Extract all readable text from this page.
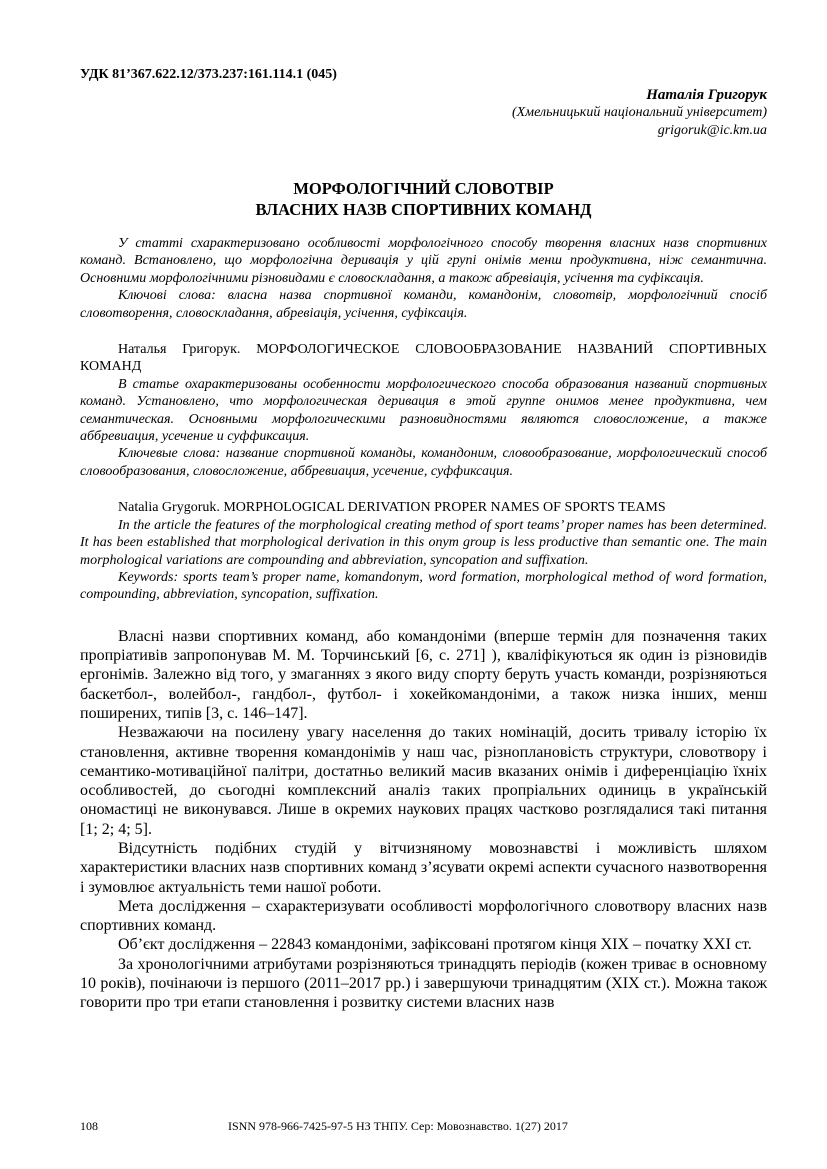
УДК 81’367.622.12/373.237:161.114.1 (045)

Наталія Григорук
(Хмельницький національний університет)
grigoruk@ic.km.ua
МОРФОЛОГІЧНИЙ СЛОВОТВІР
ВЛАСНИХ НАЗВ СПОРТИВНИХ КОМАНД

У статті схарактеризовано особливості морфологічного способу творення власних назв спортивних команд. Встановлено, що морфологічна деривація у цій групі онімів менш продуктивна, ніж семантична. Основними морфологічними різновидами є словоскладання, а також абревіація, усічення та суфіксація.

Ключові слова: власна назва спортивної команди, командонім, словотвір, морфологічний спосіб словотворення, словоскладання, абревіація, усічення, суфіксація.

Наталья Григорук. МОРФОЛОГИЧЕСКОЕ СЛОВООБРАЗОВАНИЕ НАЗВАНИЙ СПОРТИВНЫХ КОМАНД

В статье охарактеризованы особенности морфологического способа образования названий спортивных команд. Установлено, что морфологическая деривация в этой группе онимов менее продуктивна, чем семантическая. Основными морфологическими разновидностями являются словосложение, а также аббревиация, усечение и суффиксация.

Ключевые слова: название спортивной команды, командоним, словообразование, морфологический способ словообразования, словосложение, аббревиация, усечение, суффиксация.

Natalia Grygoruk. MORPHOLOGICAL DERIVATION PROPER NAMES OF SPORTS TEAMS

In the article the features of the morphological creating method of sport teams’ proper names has been determined. It has been established that morphological derivation in this onym group is less productive than semantic one. The main morphological variations are compounding and abbreviation, syncopation and suffixation.

Keywords: sports team’s proper name, komandonym, word formation, morphological method of word formation, compounding, abbreviation, syncopation, suffixation.

Власні назви спортивних команд, або командоніми (вперше термін для позначення таких пропріативів запропонував М. М. Торчинський [6, с. 271] ), кваліфікуються як один із різновидів ергонімів. Залежно від того, у змаганнях з якого виду спорту беруть участь команди, розрізняються баскетбол-, волейбол-, гандбол-, футбол- і хокейкомандоніми, а також низка інших, менш поширених, типів [3, с. 146–147].

Незважаючи на посилену увагу населення до таких номінацій, досить тривалу історію їх становлення, активне творення командонімів у наш час, різноплановість структури, словотвору і семантико-мотиваційної палітри, достатньо великий масив вказаних онімів і диференціацію їхніх особливостей, до сьогодні комплексний аналіз таких пропріальних одиниць в українській ономастиці не виконувався. Лише в окремих наукових працях частково розглядалися такі питання [1; 2; 4; 5].

Відсутність подібних студій у вітчизняному мовознавстві і можливість шляхом характеристики власних назв спортивних команд з’ясувати окремі аспекти сучасного назвотворення і зумовлює актуальність теми нашої роботи.

Мета дослідження – схарактеризувати особливості морфологічного словотвору власних назв спортивних команд.

Об’єкт дослідження – 22843 командоніми, зафіксовані протягом кінця ХІХ – початку ХХІ ст.

За хронологічними атрибутами розрізняються тринадцять періодів (кожен триває в основному 10 років), почінаючи із першого (2011–2017 рр.) і завершуючи тринадцятим (ХІХ ст.). Можна також говорити про три етапи становлення і розвитку системи власних назв

108	ISNN 978-966-7425-97-5 НЗ ТНПУ. Сер: Мовознавство. 1(27) 2017
